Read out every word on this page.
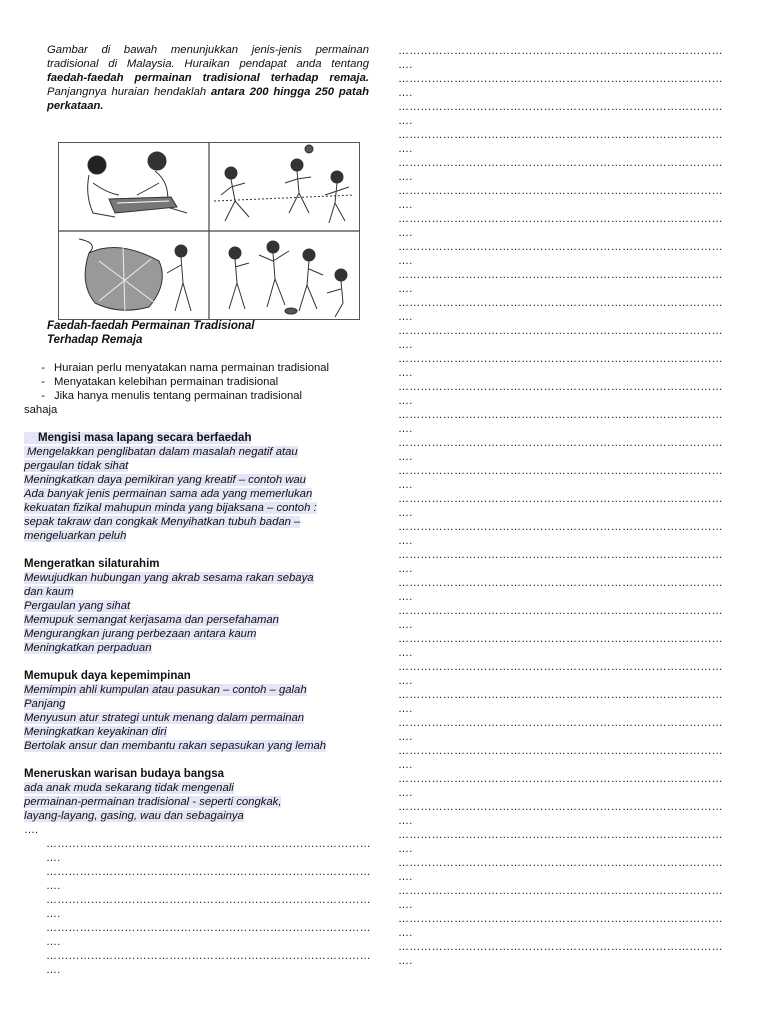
Gambar di bawah menunjukkan jenis-jenis permainan tradisional di Malaysia. Huraikan pendapat anda tentang faedah-faedah permainan tradisional terhadap remaja. Panjangnya huraian hendaklah antara 200 hingga 250 patah perkataan.

Faedah-faedah Permainan Tradisional
Terhadap Remaja
- Huraian perlu menyatakan nama permainan tradisional
- Menyatakan kelebihan permainan tradisional
- Jika hanya menulis tentang permainan tradisional
sahaja
Mengisi masa lapang secara berfaedah
Mengelakkan penglibatan dalam masalah negatif atau
pergaulan tidak sihat
Meningkatkan daya pemikiran yang kreatif – contoh wau
Ada banyak jenis permainan sama ada yang memerlukan
kekuatan fizikal mahupun minda yang bijaksana – contoh :
sepak takraw dan congkak Menyihatkan tubuh badan –
mengeluarkan peluh
Mengeratkan silaturahim
Mewujudkan hubungan yang akrab sesama rakan sebaya
dan kaum
Pergaulan yang sihat
Memupuk semangat kerjasama dan persefahaman
Mengurangkan jurang perbezaan antara kaum
Meningkatkan perpaduan
Memupuk daya kepemimpinan
Memimpin ahli kumpulan atau pasukan – contoh – galah
Panjang
Menyusun atur strategi untuk menang dalam permainan
Meningkatkan keyakinan diri
Bertolak ansur dan membantu rakan sepasukan yang lemah
Meneruskan warisan budaya bangsa
ada anak muda sekarang tidak mengenali
permainan-permainan tradisional - seperti congkak,
layang-layang, gasing, wau dan sebagainya
….
……………………………………………………………………………
….
……………………………………………………………………………
….
……………………………………………………………………………
….
……………………………………………………………………………
….
……………………………………………………………………………
….
……………………………………………………………………………
….
……………………………………………………………………………
….
……………………………………………………………………………
….
……………………………………………………………………………
….
……………………………………………………………………………
….
……………………………………………………………………………
….
……………………………………………………………………………
….
……………………………………………………………………………
….
……………………………………………………………………………
….
……………………………………………………………………………
….
……………………………………………………………………………
….
……………………………………………………………………………
….
……………………………………………………………………………
….
……………………………………………………………………………
….
……………………………………………………………………………
….
……………………………………………………………………………
….
……………………………………………………………………………
….
……………………………………………………………………………
….
……………………………………………………………………………
….
……………………………………………………………………………
….
……………………………………………………………………………
….
……………………………………………………………………………
….
……………………………………………………………………………
….
……………………………………………………………………………
….
……………………………………………………………………………
….
……………………………………………………………………………
….
……………………………………………………………………………
….
……………………………………………………………………………
….
……………………………………………………………………………
….
……………………………………………………………………………
….
……………………………………………………………………………
….
……………………………………………………………………………
….
……………………………………………………………………………
….
